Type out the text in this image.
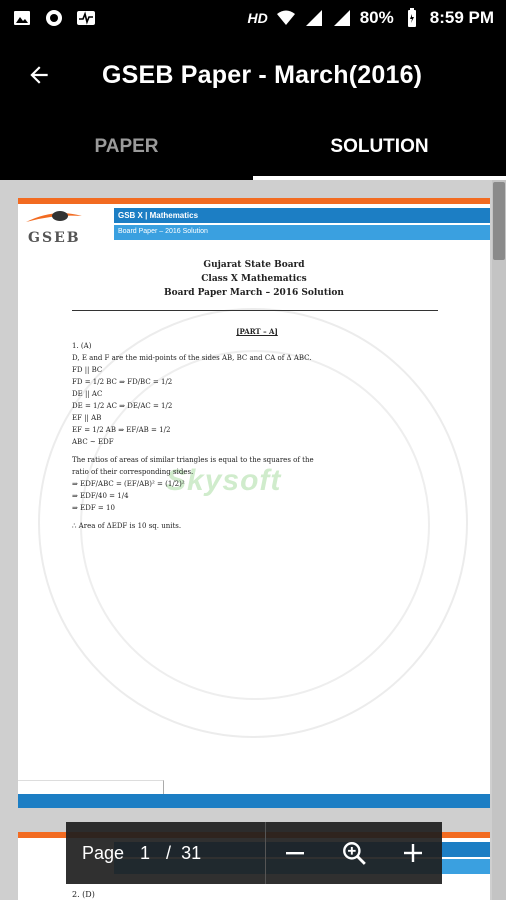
HD	80% 8:59 PM
GSEB Paper - March(2016)
PAPER	SOLUTION
GSEB
GSB X | Mathematics
Board Paper – 2016 Solution
Skysoft
Gujarat State Board
Class X Mathematics
Board Paper March – 2016 Solution
[PART – A]
1. (A)
D, E and F are the mid-points of the sides AB, BC and CA of Δ ABC.
FD || BC
FD = 1/2 BC ⇒ FD/BC = 1/2
DE || AC
DE = 1/2 AC ⇒ DE/AC = 1/2
EF || AB
EF = 1/2 AB ⇒ EF/AB = 1/2
ABC ~ EDF
The ratios of areas of similar triangles is equal to the squares of the
ratio of their corresponding sides.
⇒ EDF/ABC = (EF/AB)² = (1/2)²
⇒ EDF/40 = 1/4
⇒ EDF = 10
∴ Area of ΔEDF is 10 sq. units.
2. (D)
Page 1 / 31
